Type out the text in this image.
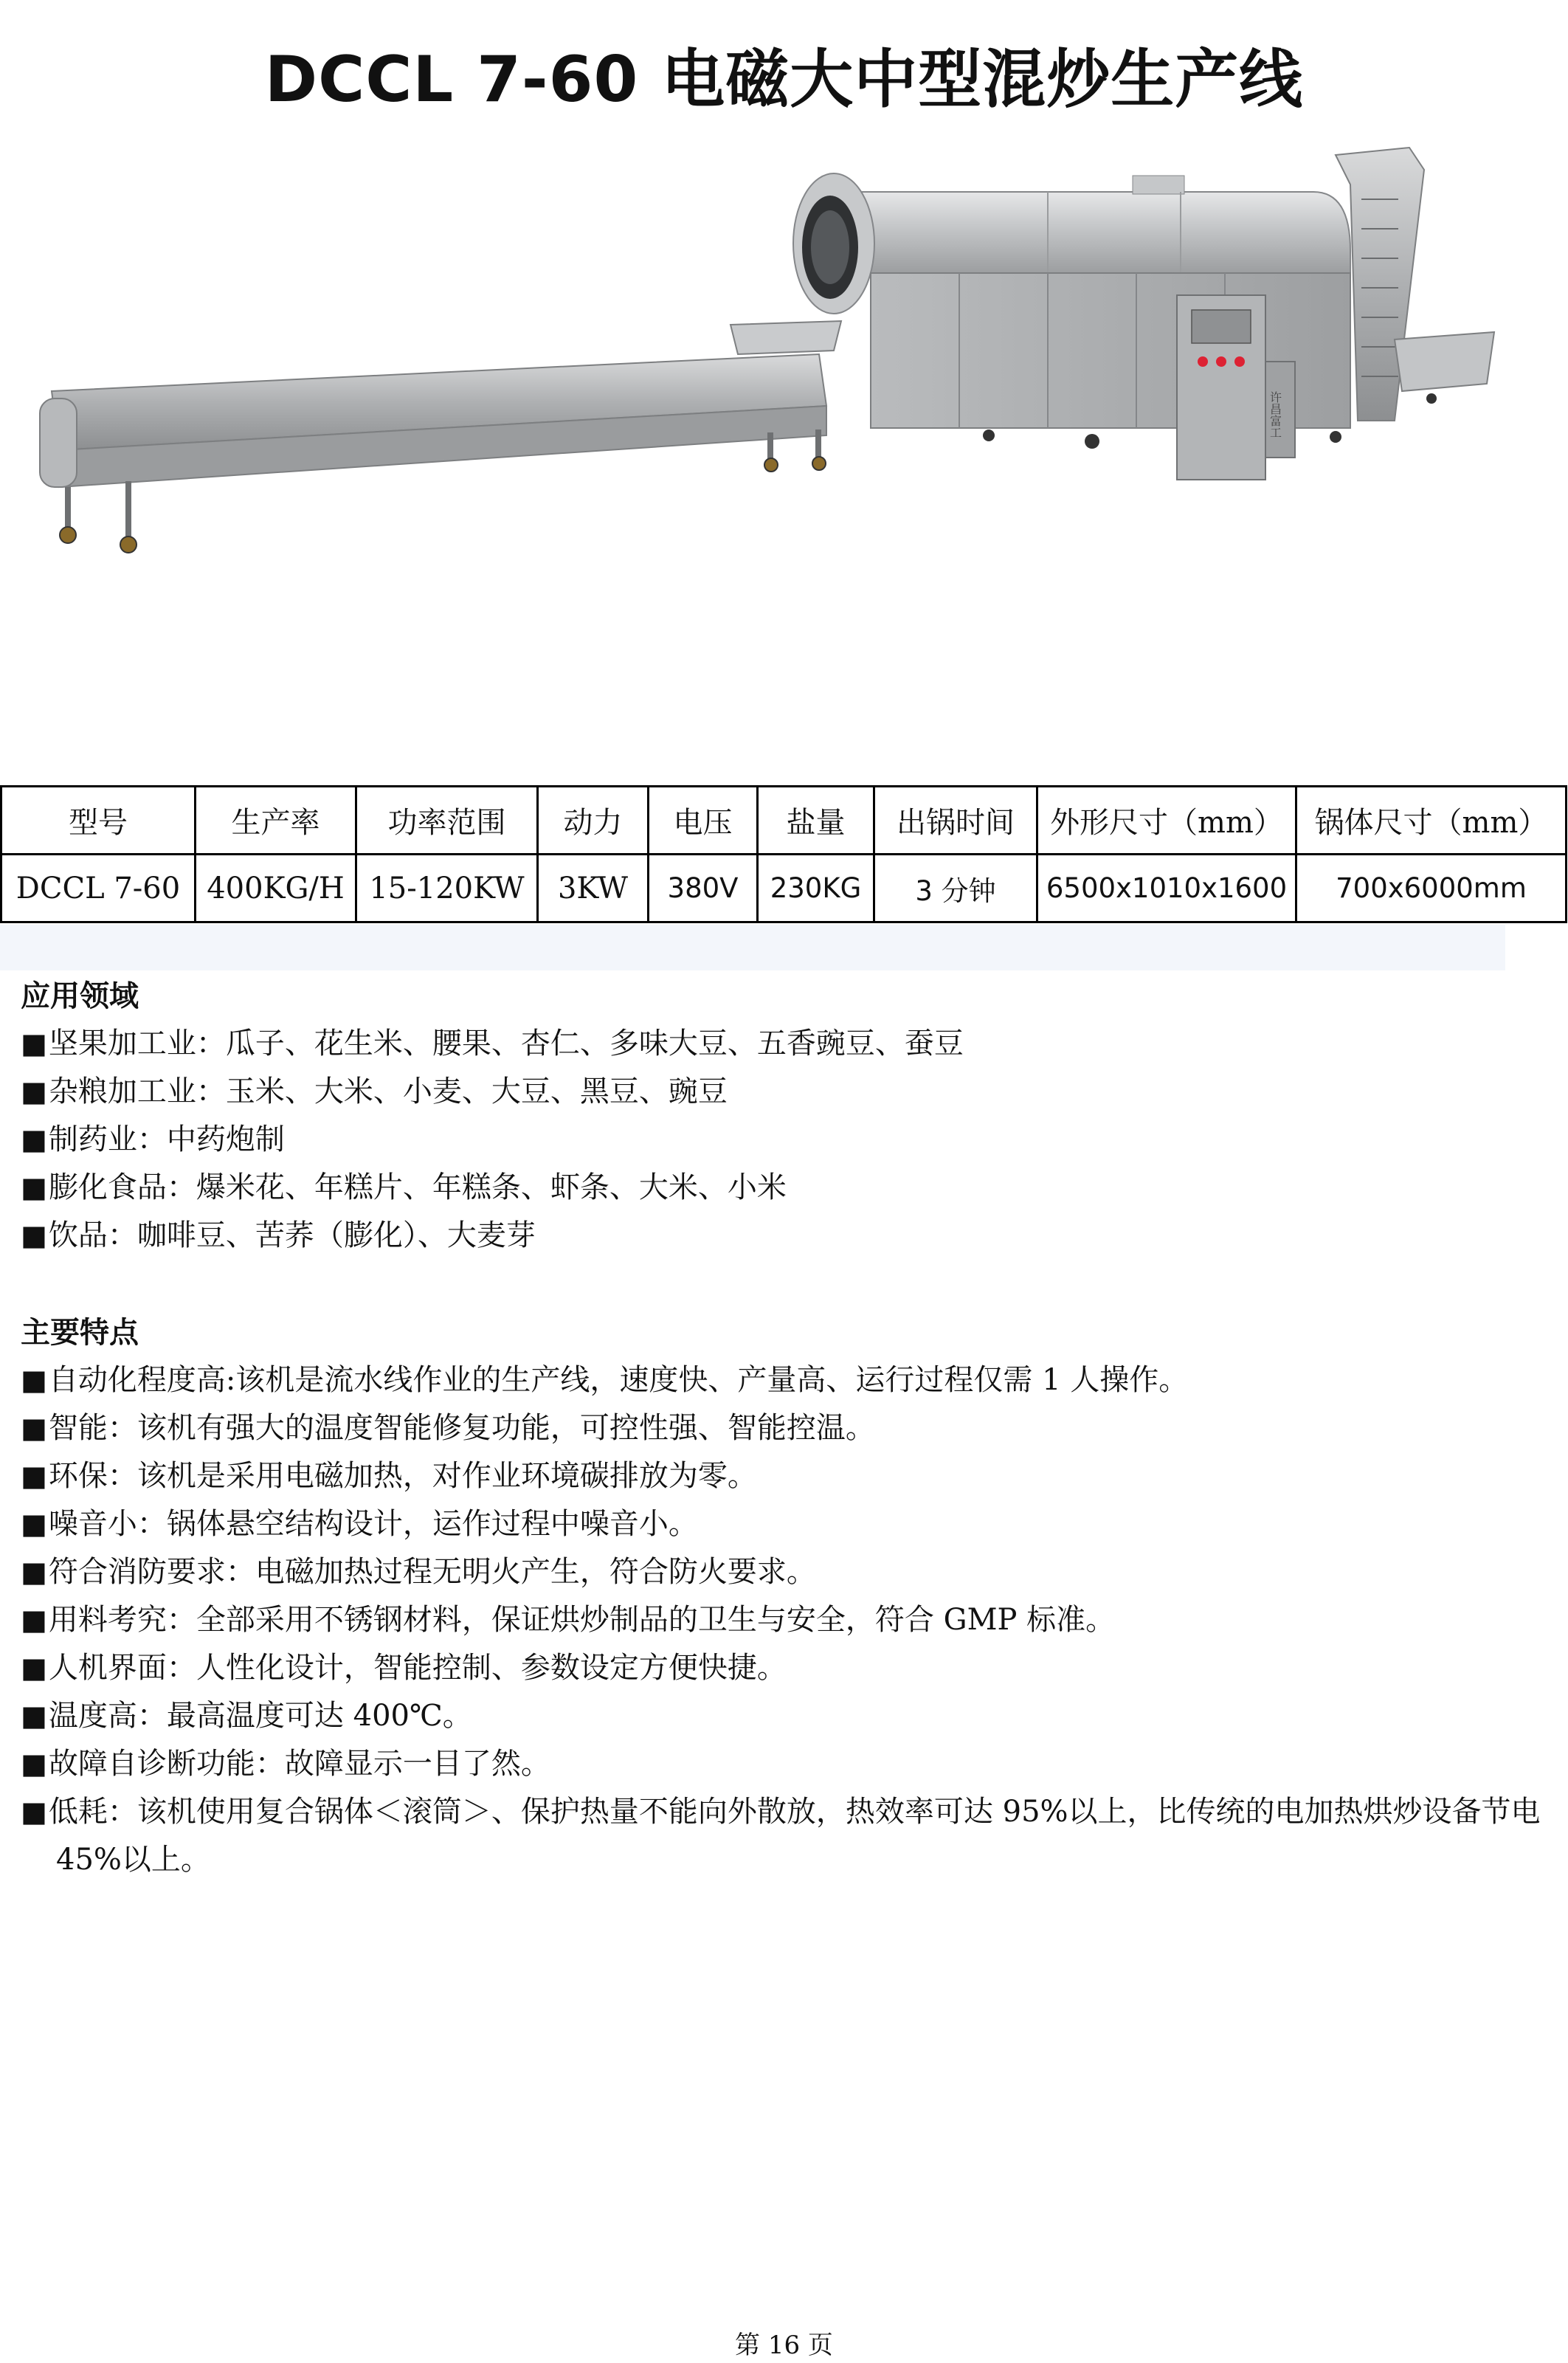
DCCL 7-60 电磁大中型混炒生产线
许昌富工
型号	生产率	功率范围	动力	电压	盐量	出锅时间	外形尺寸（mm）	锅体尺寸（mm）
DCCL 7-60	400KG/H	15-120KW	3KW	380V	230KG	3 分钟	6500x1010x1600	700x6000mm
应用领域
■坚果加工业：瓜子、花生米、腰果、杏仁、多味大豆、五香豌豆、蚕豆
■杂粮加工业：玉米、大米、小麦、大豆、黑豆、豌豆
■制药业：中药炮制
■膨化食品：爆米花、年糕片、年糕条、虾条、大米、小米
■饮品：咖啡豆、苦荞（膨化）、大麦芽
主要特点
■自动化程度高:该机是流水线作业的生产线，速度快、产量高、运行过程仅需 1 人操作。
■智能：该机有强大的温度智能修复功能，可控性强、智能控温。
■环保：该机是采用电磁加热，对作业环境碳排放为零。
■噪音小：锅体悬空结构设计，运作过程中噪音小。
■符合消防要求：电磁加热过程无明火产生，符合防火要求。
■用料考究：全部采用不锈钢材料，保证烘炒制品的卫生与安全，符合 GMP 标准。
■人机界面：人性化设计，智能控制、参数设定方便快捷。
■温度高：最高温度可达 400℃。
■故障自诊断功能：故障显示一目了然。
■低耗：该机使用复合锅体＜滚筒＞、保护热量不能向外散放，热效率可达 95%以上，比传统的电加热烘炒设备节电 45%以上。
第 16 页
